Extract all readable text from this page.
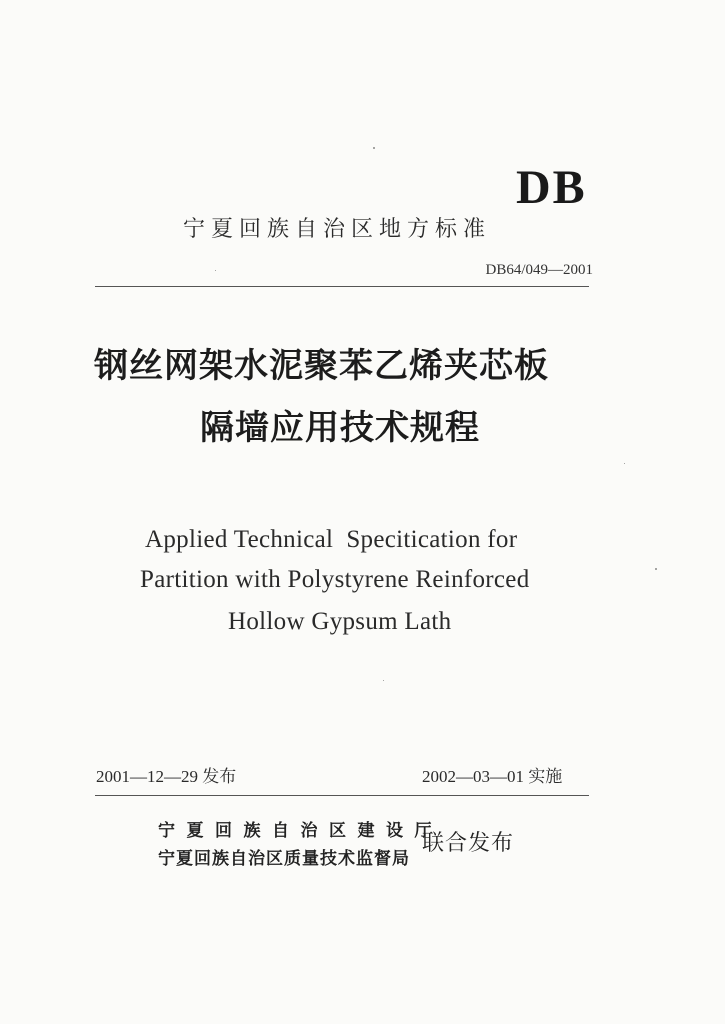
DB
宁夏回族自治区地方标准
DB64/049—2001
钢丝网架水泥聚苯乙烯夹芯板
隔墙应用技术规程
Applied Technical  Specitication for
Partition with Polystyrene Reinforced
Hollow Gypsum Lath
2001—12—29 发布	2002—03—01 实施
宁夏回族自治区建设厅
宁夏回族自治区质量技术监督局
联合发布
